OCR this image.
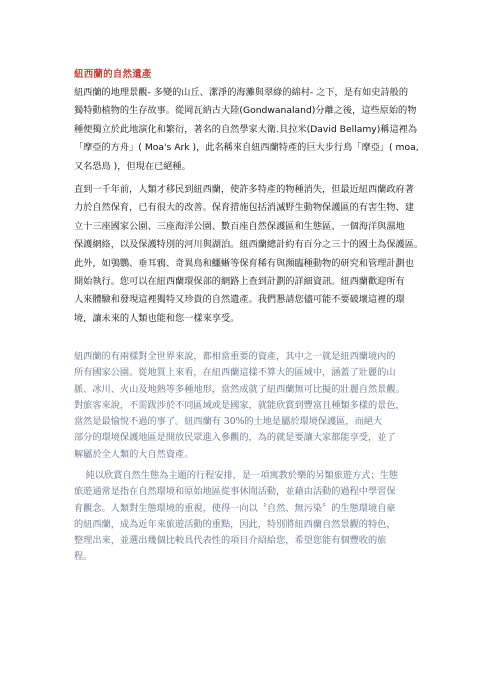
紐西蘭的自然遺產
紐西蘭的地理景觀- 多變的山丘、潔淨的海灘與翠綠的綿村- 之下，是有如史詩般的
獨特動植物的生存故事。從岡瓦納古大陸(Gondwanaland)分離之後，這些原始的物
種便獨立於此地演化和繁衍，著名的自然學家大衛.貝拉米(David Bellamy)稱這裡為
「摩亞的方舟」( Moa's Ark )，此名稱來自紐西蘭特產的巨大步行鳥「摩亞」( moa,
又名恐鳥 )，但現在已絕種。
直到一千年前，人類才移民到紐西蘭，使許多特產的物種消失，但最近紐西蘭政府著
力於自然保育，已有很大的改善。保育措施包括消滅野生動物保護區的有害生物、建
立十三座國家公園、三座海洋公園、數百座自然保護區和生態區、一個海洋與濕地
保護網絡，以及保護特別的河川與湖泊。紐西蘭總計約有百分之三十的國土為保護區。
此外，如鴞鸚、垂耳鴉、奇異鳥和鱷蜥等保育稀有與瀕臨種動物的研究和管理計劃也
開始執行。您可以在紐西蘭環保部的網路上查到計劃的詳細資訊。紐西蘭歡迎所有
人來體驗和發現這裡獨特又珍貴的自然遺產。我們懇請您儘可能不要破壞這裡的環
境，讓未來的人類也能和您一樣來享受。
紐西蘭的有兩樣對全世界來說，都相當重要的資產，其中之一就是紐西蘭境內的
所有國家公園。從地質上來看，在紐西蘭這樣不算大的區域中，涵蓋了壯麗的山
脈、冰川、火山及地熱等多種地形，當然成就了紐西蘭無可比擬的壯麗自然景觀。
對旅客來說，不需跋涉於不同區域或是國家，就能欣賞到豐富且種類多樣的景色，
當然是最愉悅不過的事了。紐西蘭有 30%的土地是屬於環境保護區，而絕大
部分的環境保護地區是開放民眾進入參觀的，為的就是要讓大家都能享受，並了
解屬於全人類的大自然資產。
純以欣賞自然生態為主題的行程安排，是一項寓教於樂的另類旅遊方式；生態
旅遊通常是指在自然環境和原始地區從事休閒活動，並藉由活動的過程中學習保
育觀念。人類對生態環境的重視，使得一向以〝自然、無污染〞的生態環境自豪
的紐西蘭，成為近年來旅遊活動的重點，因此，特別將紐西蘭自然景觀的特色，
整理出來，並選出幾個比較具代表性的項目介紹給您，希望您能有個豐收的旅
程。
